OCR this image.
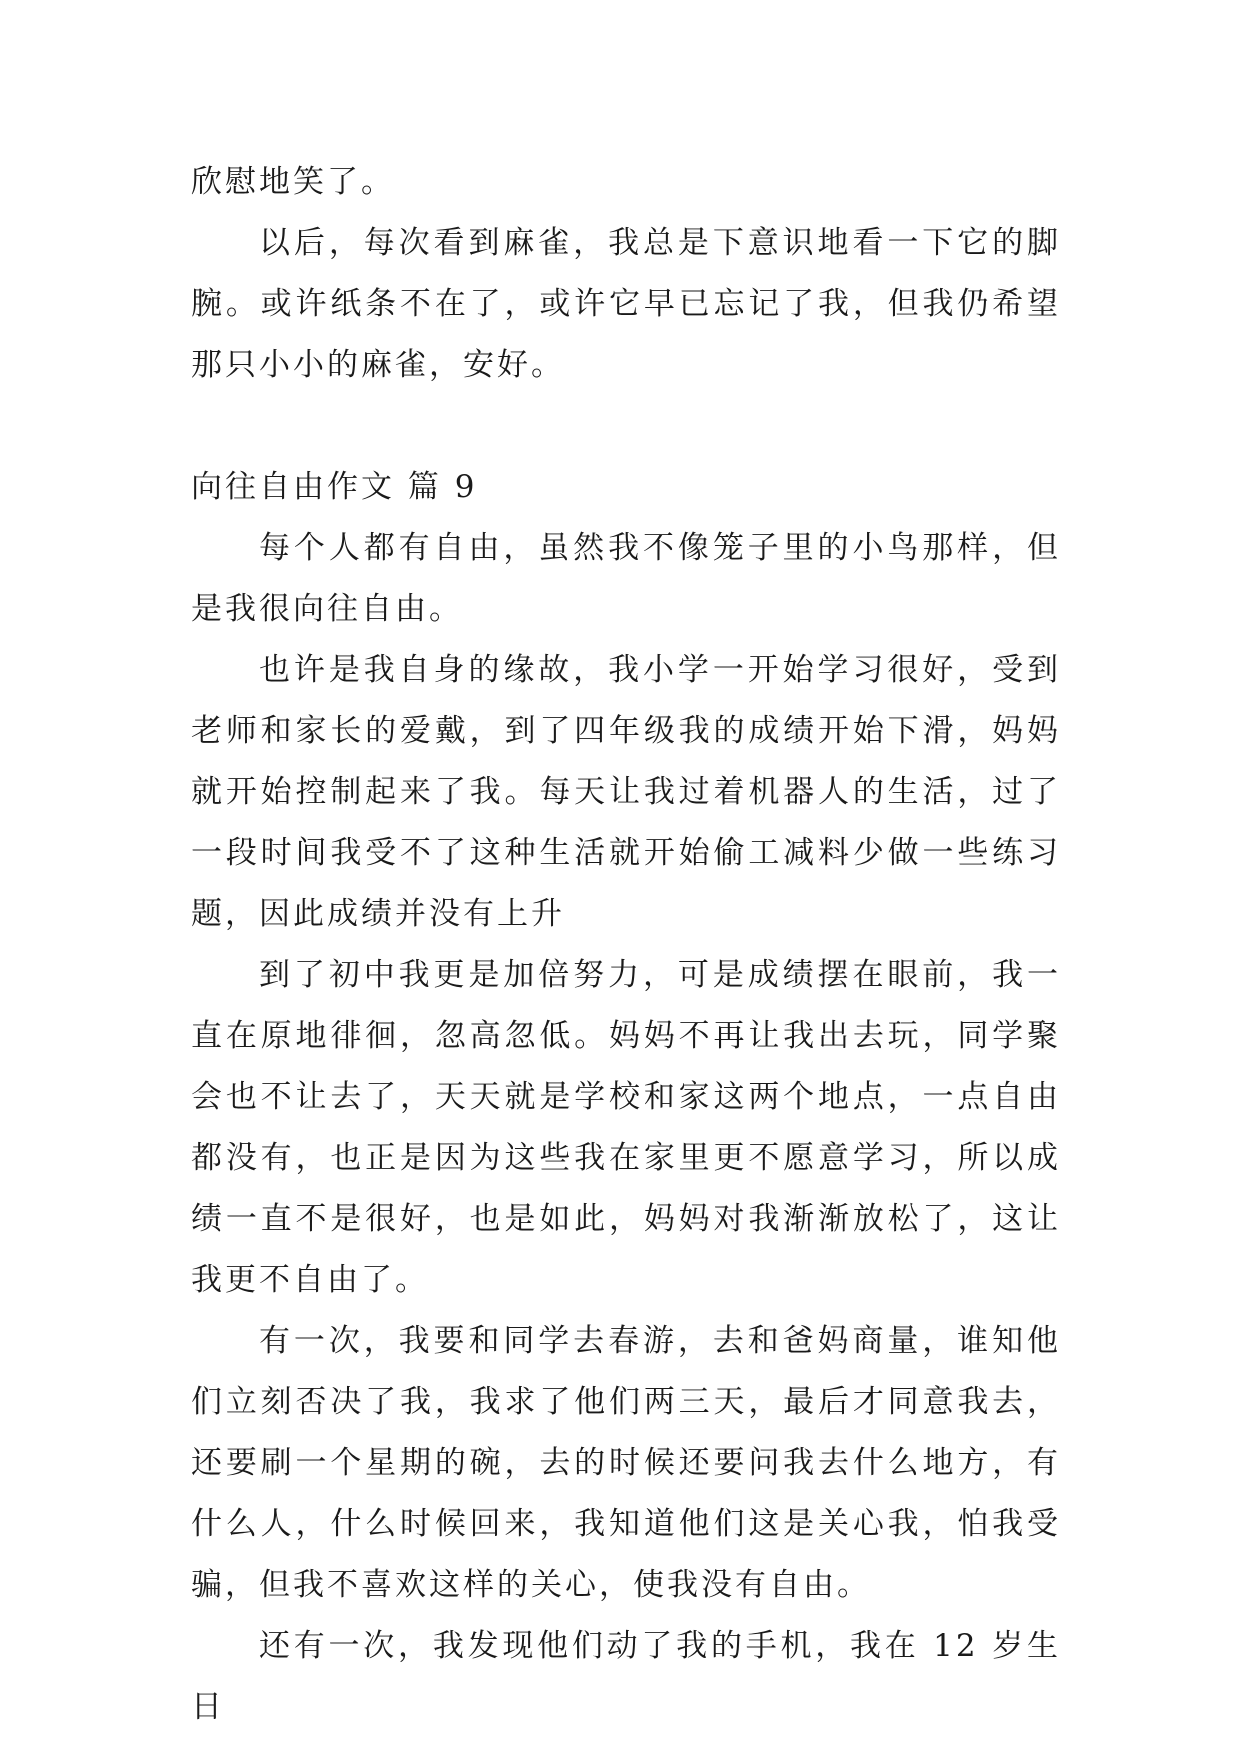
欣慰地笑了。

以后，每次看到麻雀，我总是下意识地看一下它的脚腕。或许纸条不在了，或许它早已忘记了我，但我仍希望那只小小的麻雀，安好。

向往自由作文 篇 9

每个人都有自由，虽然我不像笼子里的小鸟那样，但是我很向往自由。

也许是我自身的缘故，我小学一开始学习很好，受到老师和家长的爱戴，到了四年级我的成绩开始下滑，妈妈就开始控制起来了我。每天让我过着机器人的生活，过了一段时间我受不了这种生活就开始偷工减料少做一些练习题，因此成绩并没有上升

到了初中我更是加倍努力，可是成绩摆在眼前，我一直在原地徘徊，忽高忽低。妈妈不再让我出去玩，同学聚会也不让去了，天天就是学校和家这两个地点，一点自由都没有，也正是因为这些我在家里更不愿意学习，所以成绩一直不是很好，也是如此，妈妈对我渐渐放松了，这让我更不自由了。

有一次，我要和同学去春游，去和爸妈商量，谁知他们立刻否决了我，我求了他们两三天，最后才同意我去，还要刷一个星期的碗，去的时候还要问我去什么地方，有什么人，什么时候回来，我知道他们这是关心我，怕我受骗，但我不喜欢这样的关心，使我没有自由。

还有一次，我发现他们动了我的手机，我在 12 岁生日
